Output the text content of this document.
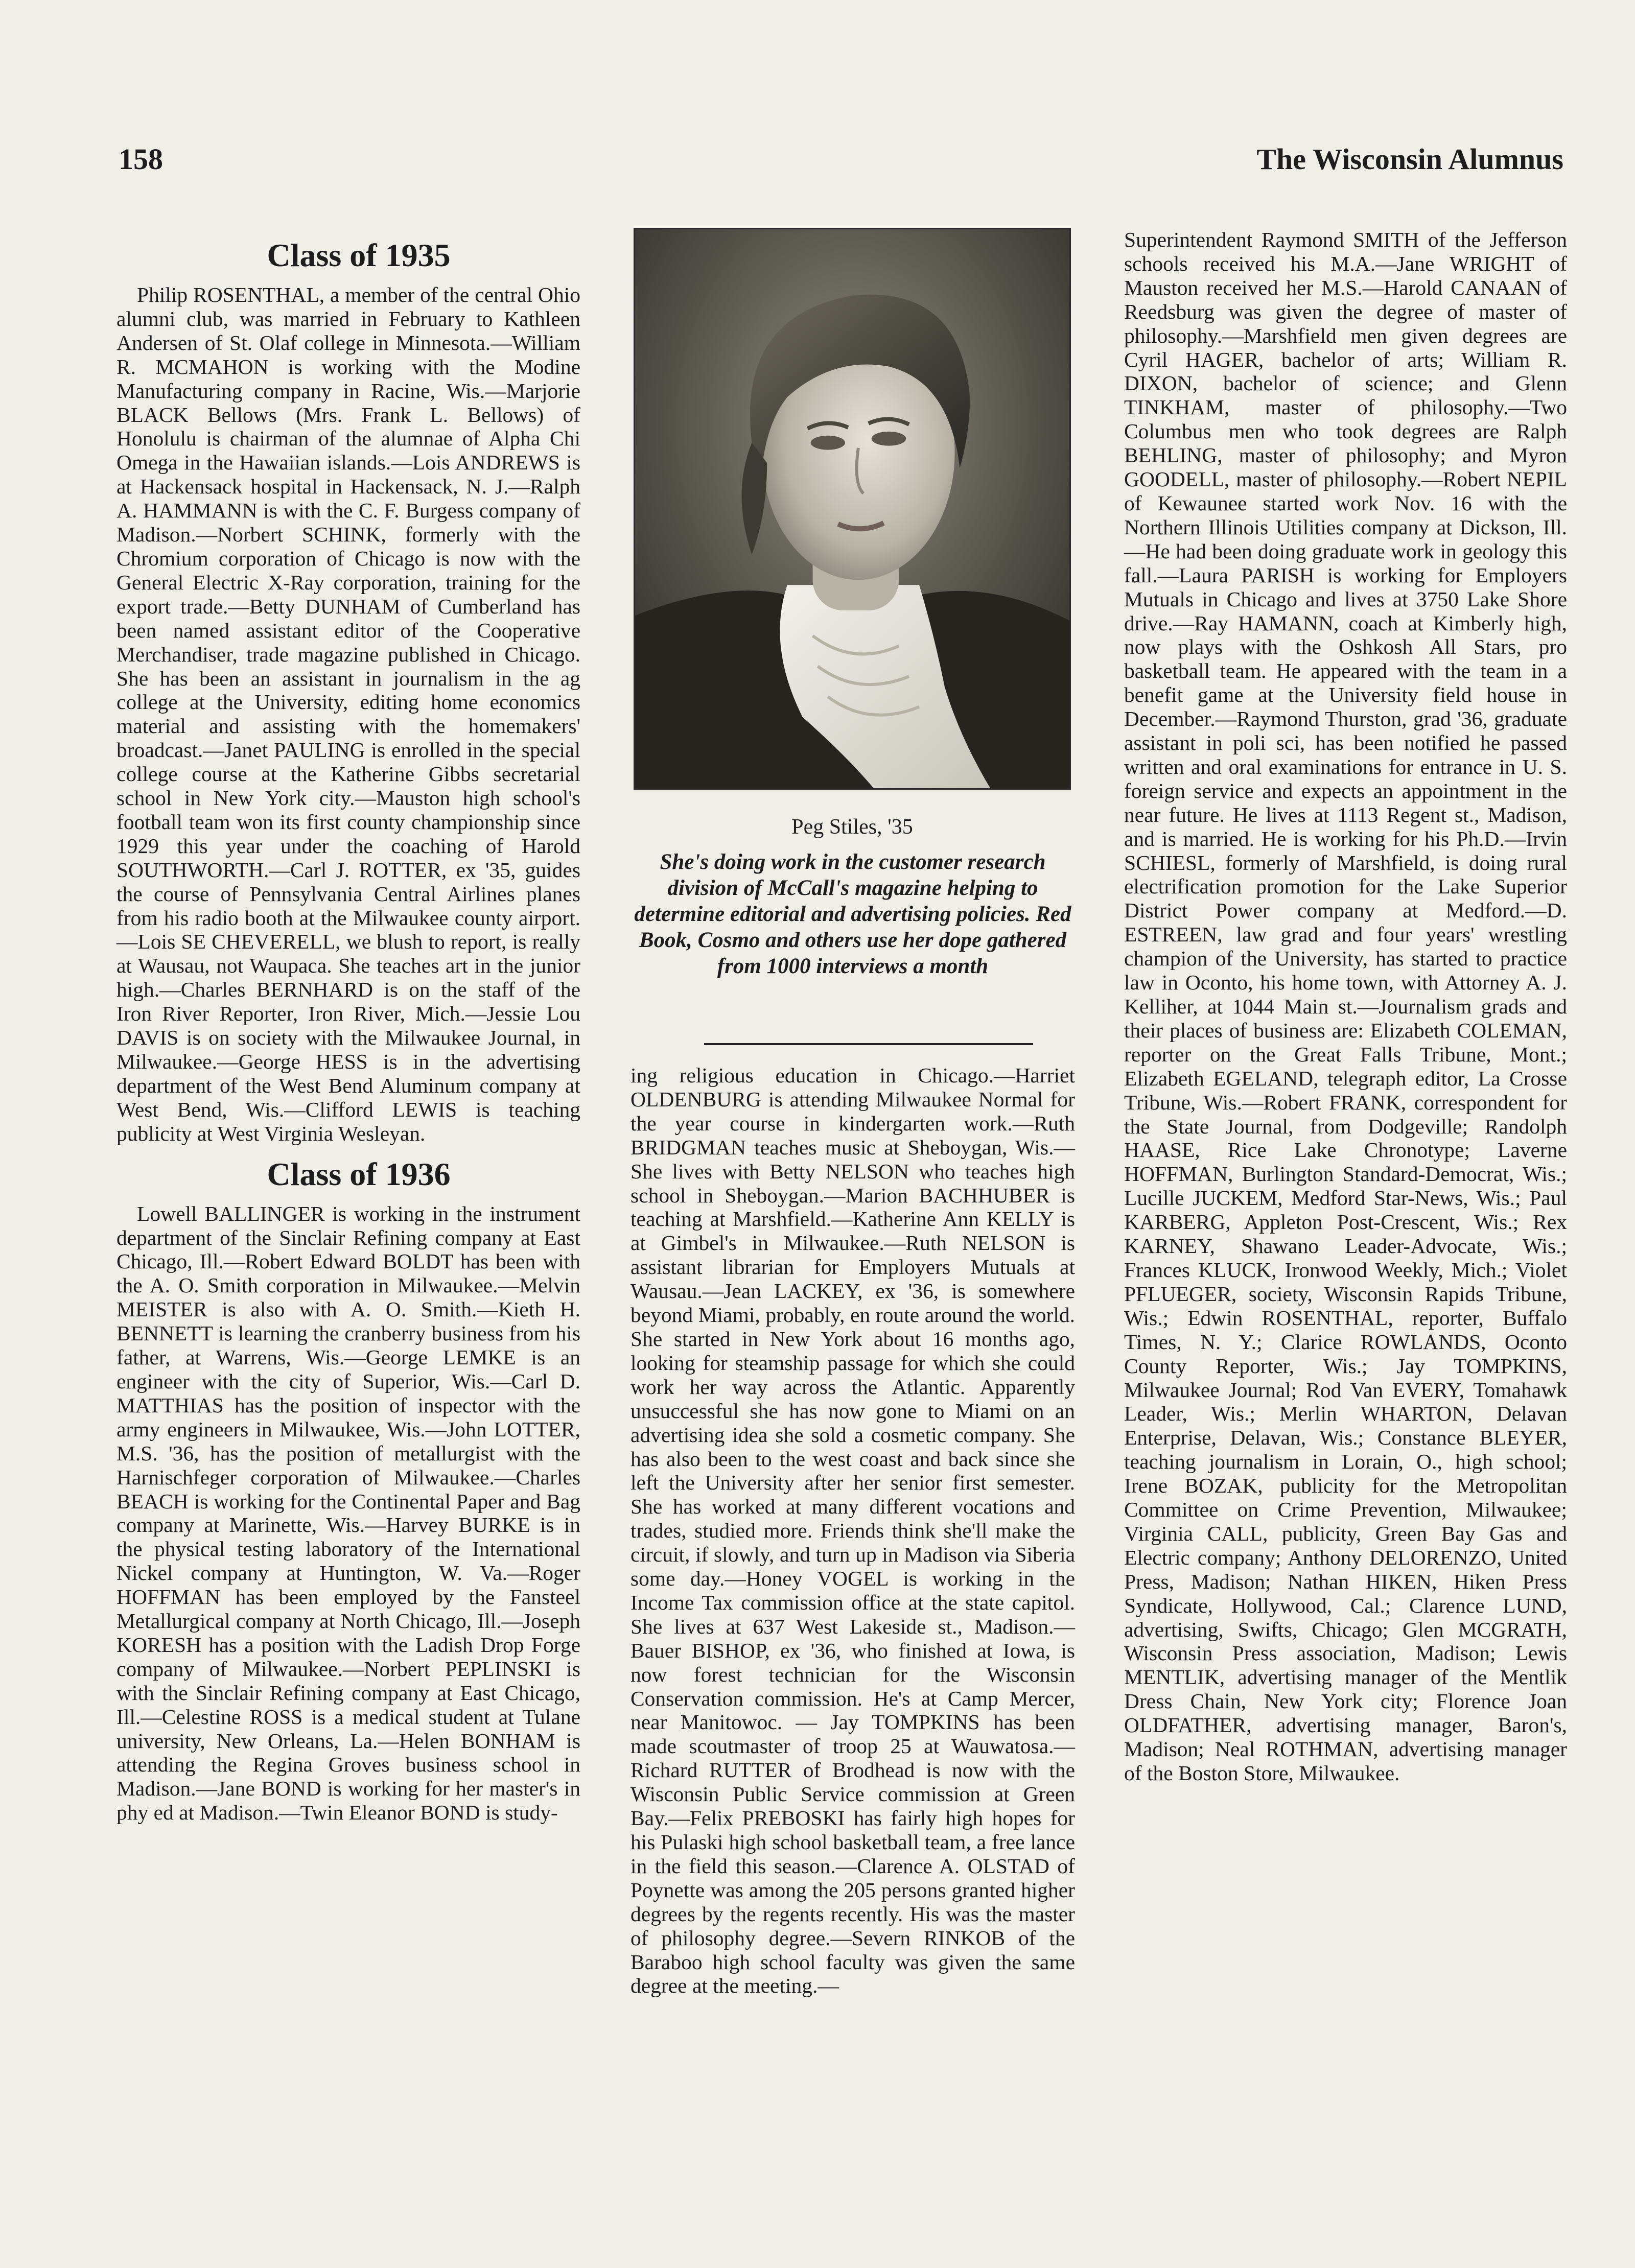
158	The Wisconsin Alumnus
Class of 1935

Philip ROSENTHAL, a member of the central Ohio alumni club, was married in February to Kathleen Andersen of St. Olaf college in Minnesota.—William R. MCMAHON is working with the Modine Manufacturing company in Racine, Wis.—Marjorie BLACK Bellows (Mrs. Frank L. Bellows) of Honolulu is chairman of the alumnae of Alpha Chi Omega in the Hawaiian islands.—Lois ANDREWS is at Hackensack hospital in Hackensack, N. J.—Ralph A. HAMMANN is with the C. F. Burgess company of Madison.—Norbert SCHINK, formerly with the Chromium corporation of Chicago is now with the General Electric X-Ray corporation, training for the export trade.—Betty DUNHAM of Cumberland has been named assistant editor of the Cooperative Merchandiser, trade magazine published in Chicago. She has been an assistant in journalism in the ag college at the University, editing home economics material and assisting with the homemakers' broadcast.—Janet PAULING is enrolled in the special college course at the Katherine Gibbs secretarial school in New York city.—Mauston high school's football team won its first county championship since 1929 this year under the coaching of Harold SOUTHWORTH.—Carl J. ROTTER, ex '35, guides the course of Pennsylvania Central Airlines planes from his radio booth at the Milwaukee county airport.—Lois SE CHEVERELL, we blush to report, is really at Wausau, not Waupaca. She teaches art in the junior high.—Charles BERNHARD is on the staff of the Iron River Reporter, Iron River, Mich.—Jessie Lou DAVIS is on society with the Milwaukee Journal, in Milwaukee.—George HESS is in the advertising department of the West Bend Aluminum company at West Bend, Wis.—Clifford LEWIS is teaching publicity at West Virginia Wesleyan.

Class of 1936

Lowell BALLINGER is working in the instrument department of the Sinclair Refining company at East Chicago, Ill.—Robert Edward BOLDT has been with the A. O. Smith corporation in Milwaukee.—Melvin MEISTER is also with A. O. Smith.—Kieth H. BENNETT is learning the cranberry business from his father, at Warrens, Wis.—George LEMKE is an engineer with the city of Superior, Wis.—Carl D. MATTHIAS has the position of inspector with the army engineers in Milwaukee, Wis.—John LOTTER, M.S. '36, has the position of metallurgist with the Harnischfeger corporation of Milwaukee.—Charles BEACH is working for the Continental Paper and Bag company at Marinette, Wis.—Harvey BURKE is in the physical testing laboratory of the International Nickel company at Huntington, W. Va.—Roger HOFFMAN has been employed by the Fansteel Metallurgical company at North Chicago, Ill.—Joseph KORESH has a position with the Ladish Drop Forge company of Milwaukee.—Norbert PEPLINSKI is with the Sinclair Refining company at East Chicago, Ill.—Celestine ROSS is a medical student at Tulane university, New Orleans, La.—Helen BONHAM is attending the Regina Groves business school in Madison.—Jane BOND is working for her master's in phy ed at Madison.—Twin Eleanor BOND is study-

Peg Stiles, '35
She's doing work in the customer research division of McCall's magazine helping to determine editorial and advertising policies. Red Book, Cosmo and others use her dope gathered from 1000 interviews a month

ing religious education in Chicago.—Harriet OLDENBURG is attending Milwaukee Normal for the year course in kindergarten work.—Ruth BRIDGMAN teaches music at Sheboygan, Wis.—She lives with Betty NELSON who teaches high school in Sheboygan.—Marion BACHHUBER is teaching at Marshfield.—Katherine Ann KELLY is at Gimbel's in Milwaukee.—Ruth NELSON is assistant librarian for Employers Mutuals at Wausau.—Jean LACKEY, ex '36, is somewhere beyond Miami, probably, en route around the world. She started in New York about 16 months ago, looking for steamship passage for which she could work her way across the Atlantic. Apparently unsuccessful she has now gone to Miami on an advertising idea she sold a cosmetic company. She has also been to the west coast and back since she left the University after her senior first semester. She has worked at many different vocations and trades, studied more. Friends think she'll make the circuit, if slowly, and turn up in Madison via Siberia some day.—Honey VOGEL is working in the Income Tax commission office at the state capitol. She lives at 637 West Lakeside st., Madison.—Bauer BISHOP, ex '36, who finished at Iowa, is now forest technician for the Wisconsin Conservation commission. He's at Camp Mercer, near Manitowoc. — Jay TOMPKINS has been made scoutmaster of troop 25 at Wauwatosa.—Richard RUTTER of Brodhead is now with the Wisconsin Public Service commission at Green Bay.—Felix PREBOSKI has fairly high hopes for his Pulaski high school basketball team, a free lance in the field this season.—Clarence A. OLSTAD of Poynette was among the 205 persons granted higher degrees by the regents recently. His was the master of philosophy degree.—Severn RINKOB of the Baraboo high school faculty was given the same degree at the meeting.—

Superintendent Raymond SMITH of the Jefferson schools received his M.A.—Jane WRIGHT of Mauston received her M.S.—Harold CANAAN of Reedsburg was given the degree of master of philosophy.—Marshfield men given degrees are Cyril HAGER, bachelor of arts; William R. DIXON, bachelor of science; and Glenn TINKHAM, master of philosophy.—Two Columbus men who took degrees are Ralph BEHLING, master of philosophy; and Myron GOODELL, master of philosophy.—Robert NEPIL of Kewaunee started work Nov. 16 with the Northern Illinois Utilities company at Dickson, Ill.—He had been doing graduate work in geology this fall.—Laura PARISH is working for Employers Mutuals in Chicago and lives at 3750 Lake Shore drive.—Ray HAMANN, coach at Kimberly high, now plays with the Oshkosh All Stars, pro basketball team. He appeared with the team in a benefit game at the University field house in December.—Raymond Thurston, grad '36, graduate assistant in poli sci, has been notified he passed written and oral examinations for entrance in U. S. foreign service and expects an appointment in the near future. He lives at 1113 Regent st., Madison, and is married. He is working for his Ph.D.—Irvin SCHIESL, formerly of Marshfield, is doing rural electrification promotion for the Lake Superior District Power company at Medford.—D. ESTREEN, law grad and four years' wrestling champion of the University, has started to practice law in Oconto, his home town, with Attorney A. J. Kelliher, at 1044 Main st.—Journalism grads and their places of business are: Elizabeth COLEMAN, reporter on the Great Falls Tribune, Mont.; Elizabeth EGELAND, telegraph editor, La Crosse Tribune, Wis.—Robert FRANK, correspondent for the State Journal, from Dodgeville; Randolph HAASE, Rice Lake Chronotype; Laverne HOFFMAN, Burlington Standard-Democrat, Wis.; Lucille JUCKEM, Medford Star-News, Wis.; Paul KARBERG, Appleton Post-Crescent, Wis.; Rex KARNEY, Shawano Leader-Advocate, Wis.; Frances KLUCK, Ironwood Weekly, Mich.; Violet PFLUEGER, society, Wisconsin Rapids Tribune, Wis.; Edwin ROSENTHAL, reporter, Buffalo Times, N. Y.; Clarice ROWLANDS, Oconto County Reporter, Wis.; Jay TOMPKINS, Milwaukee Journal; Rod Van EVERY, Tomahawk Leader, Wis.; Merlin WHARTON, Delavan Enterprise, Delavan, Wis.; Constance BLEYER, teaching journalism in Lorain, O., high school; Irene BOZAK, publicity for the Metropolitan Committee on Crime Prevention, Milwaukee; Virginia CALL, publicity, Green Bay Gas and Electric company; Anthony DELORENZO, United Press, Madison; Nathan HIKEN, Hiken Press Syndicate, Hollywood, Cal.; Clarence LUND, advertising, Swifts, Chicago; Glen MCGRATH, Wisconsin Press association, Madison; Lewis MENTLIK, advertising manager of the Mentlik Dress Chain, New York city; Florence Joan OLDFATHER, advertising manager, Baron's, Madison; Neal ROTHMAN, advertising manager of the Boston Store, Milwaukee.
